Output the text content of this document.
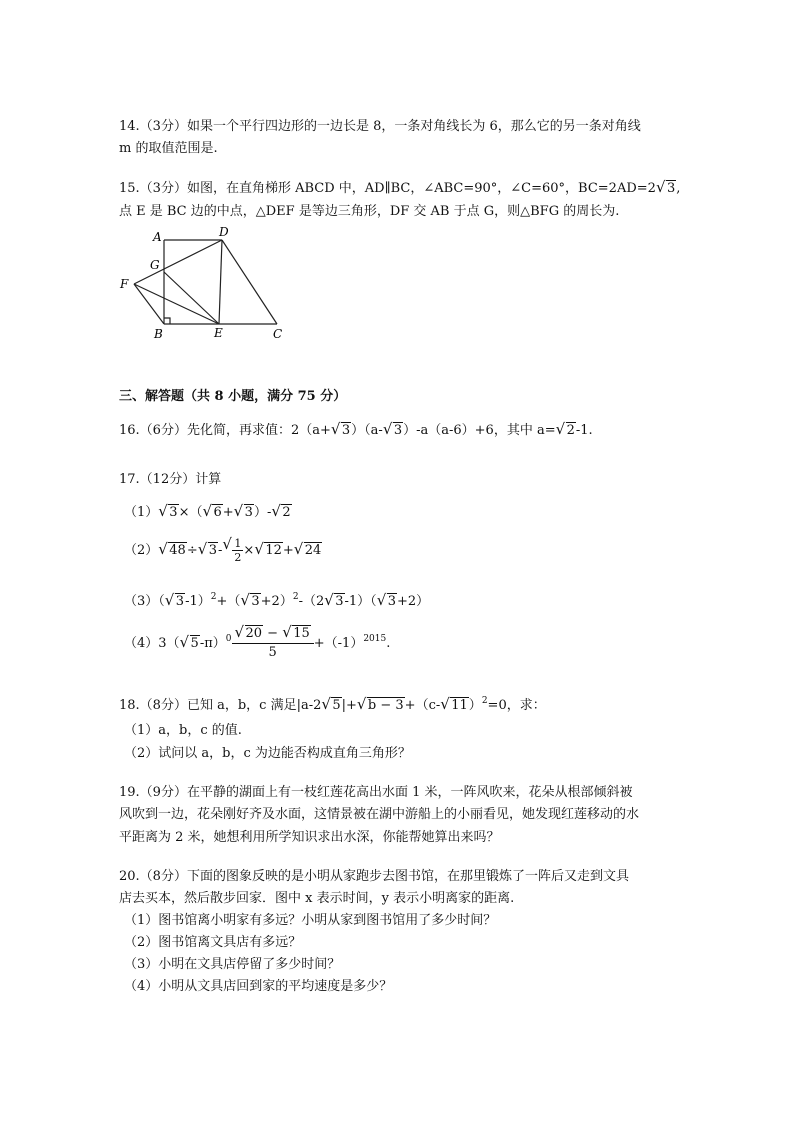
14.（3分）如果一个平行四边形的一边长是 8，一条对角线长为 6，那么它的另一条对角线
m 的取值范围是.
15.（3分）如图，在直角梯形 ABCD 中，AD∥BC，∠ABC=90°，∠C=60°，BC=2AD=2 √ 3,
点 E 是 BC 边的中点，△DEF 是等边三角形，DF 交 AB 于点 G，则△BFG 的周长为.
A	D
G
F
B	E	C
三、解答题（共 8 小题，满分 75 分）
16.（6分）先化简，再求值：2（a+ √ 3）（a- √ 3）-a（a-6）+6，其中 a= √ 2-1.
17.（12分）计算
（1） √ 3×（ √ 6+ √ 3）- √ 2
（2） √ 48÷ √ 3- √ $\frac{1}{2}$ × √ 12+ √ 24
（3）（ √ 3-1）$^2$+（ √ 3+2）$^2$-（2 √ 3-1）（ √ 3+2）
（4）3（ √ 5-π）$^0$ √ $\frac{20 - √ 15}{5} +(-1)^{2015}$.
18.（8分）已知 a，b，c 满足|a-2 √ 5|+ √ b − 3+（c- √ 11）$^2$=0，求：
（1）a，b，c 的值.
（2）试问以 a，b，c 为边能否构成直角三角形？
19.（9分）在平静的湖面上有一枝红莲花高出水面 1 米，一阵风吹来，花朵从根部倾斜被
风吹到一边，花朵刚好齐及水面，这情景被在湖中游船上的小丽看见，她发现红莲移动的水
平距离为 2 米，她想利用所学知识求出水深，你能帮她算出来吗？
20.（8分）下面的图象反映的是小明从家跑步去图书馆，在那里锻炼了一阵后又走到文具
店去买本，然后散步回家．图中 x 表示时间，y 表示小明离家的距离.
（1）图书馆离小明家有多远？小明从家到图书馆用了多少时间？
（2）图书馆离文具店有多远？
（3）小明在文具店停留了多少时间？
（4）小明从文具店回到家的平均速度是多少？
